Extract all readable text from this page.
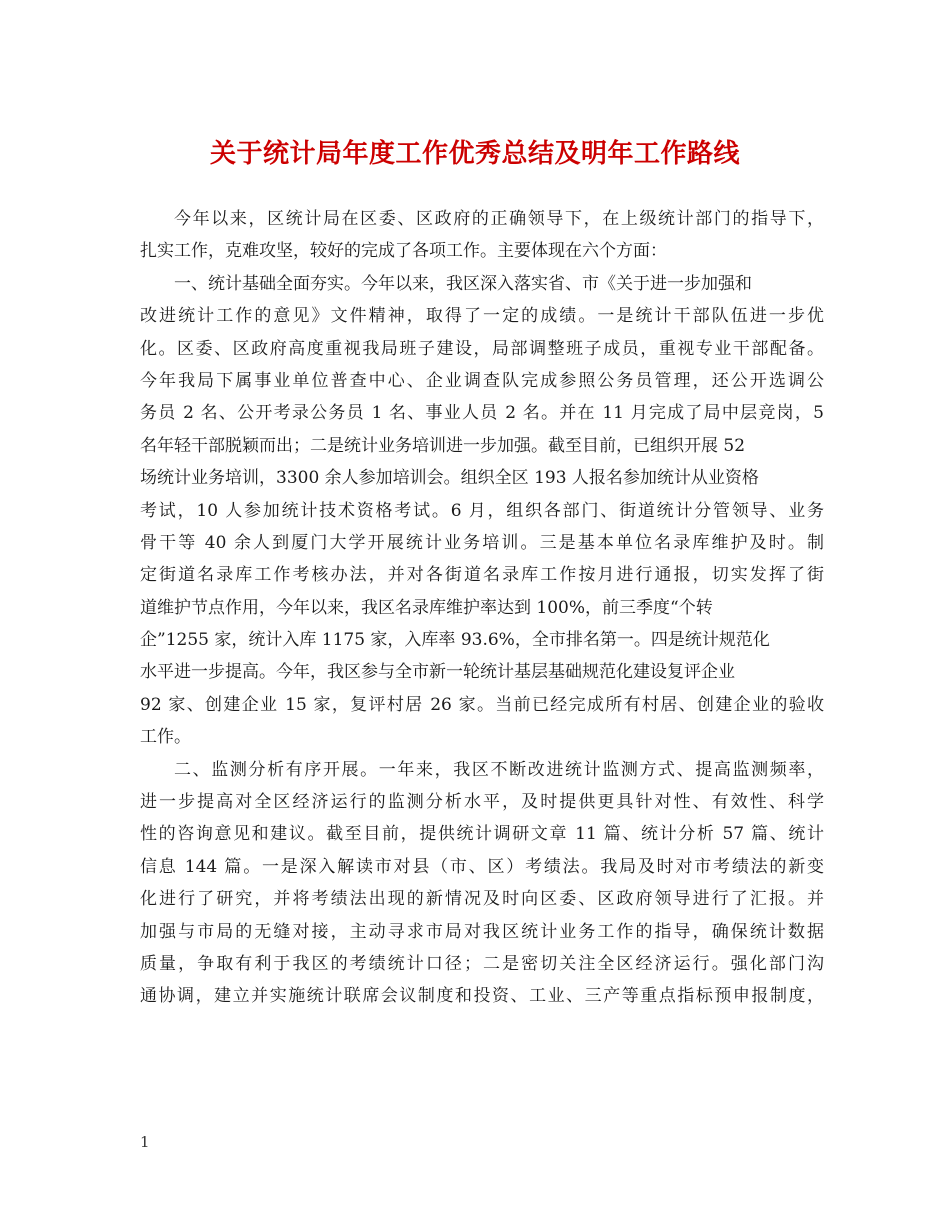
关于统计局年度工作优秀总结及明年工作路线
今年以来，区统计局在区委、区政府的正确领导下，在上级统计部门的指导下，
扎实工作，克难攻坚，较好的完成了各项工作。主要体现在六个方面：
一、统计基础全面夯实。今年以来，我区深入落实省、市《关于进一步加强和
改进统计工作的意见》文件精神，取得了一定的成绩。一是统计干部队伍进一步优
化。区委、区政府高度重视我局班子建设，局部调整班子成员，重视专业干部配备。
今年我局下属事业单位普查中心、企业调查队完成参照公务员管理，还公开选调公
务员 2 名、公开考录公务员 1 名、事业人员 2 名。并在 11 月完成了局中层竞岗，5
名年轻干部脱颖而出；二是统计业务培训进一步加强。截至目前，已组织开展 52
场统计业务培训，3300 余人参加培训会。组织全区 193 人报名参加统计从业资格
考试，10 人参加统计技术资格考试。6 月，组织各部门、街道统计分管领导、业务
骨干等 40 余人到厦门大学开展统计业务培训。三是基本单位名录库维护及时。制
定街道名录库工作考核办法，并对各街道名录库工作按月进行通报，切实发挥了街
道维护节点作用，今年以来，我区名录库维护率达到 100%，前三季度“个转
企”1255 家，统计入库 1175 家，入库率 93.6%，全市排名第一。四是统计规范化
水平进一步提高。今年，我区参与全市新一轮统计基层基础规范化建设复评企业
92 家、创建企业 15 家，复评村居 26 家。当前已经完成所有村居、创建企业的验收
工作。
二、监测分析有序开展。一年来，我区不断改进统计监测方式、提高监测频率，
进一步提高对全区经济运行的监测分析水平，及时提供更具针对性、有效性、科学
性的咨询意见和建议。截至目前，提供统计调研文章 11 篇、统计分析 57 篇、统计
信息 144 篇。一是深入解读市对县（市、区）考绩法。我局及时对市考绩法的新变
化进行了研究，并将考绩法出现的新情况及时向区委、区政府领导进行了汇报。并
加强与市局的无缝对接，主动寻求市局对我区统计业务工作的指导，确保统计数据
质量，争取有利于我区的考绩统计口径；二是密切关注全区经济运行。强化部门沟
通协调，建立并实施统计联席会议制度和投资、工业、三产等重点指标预申报制度，
1
